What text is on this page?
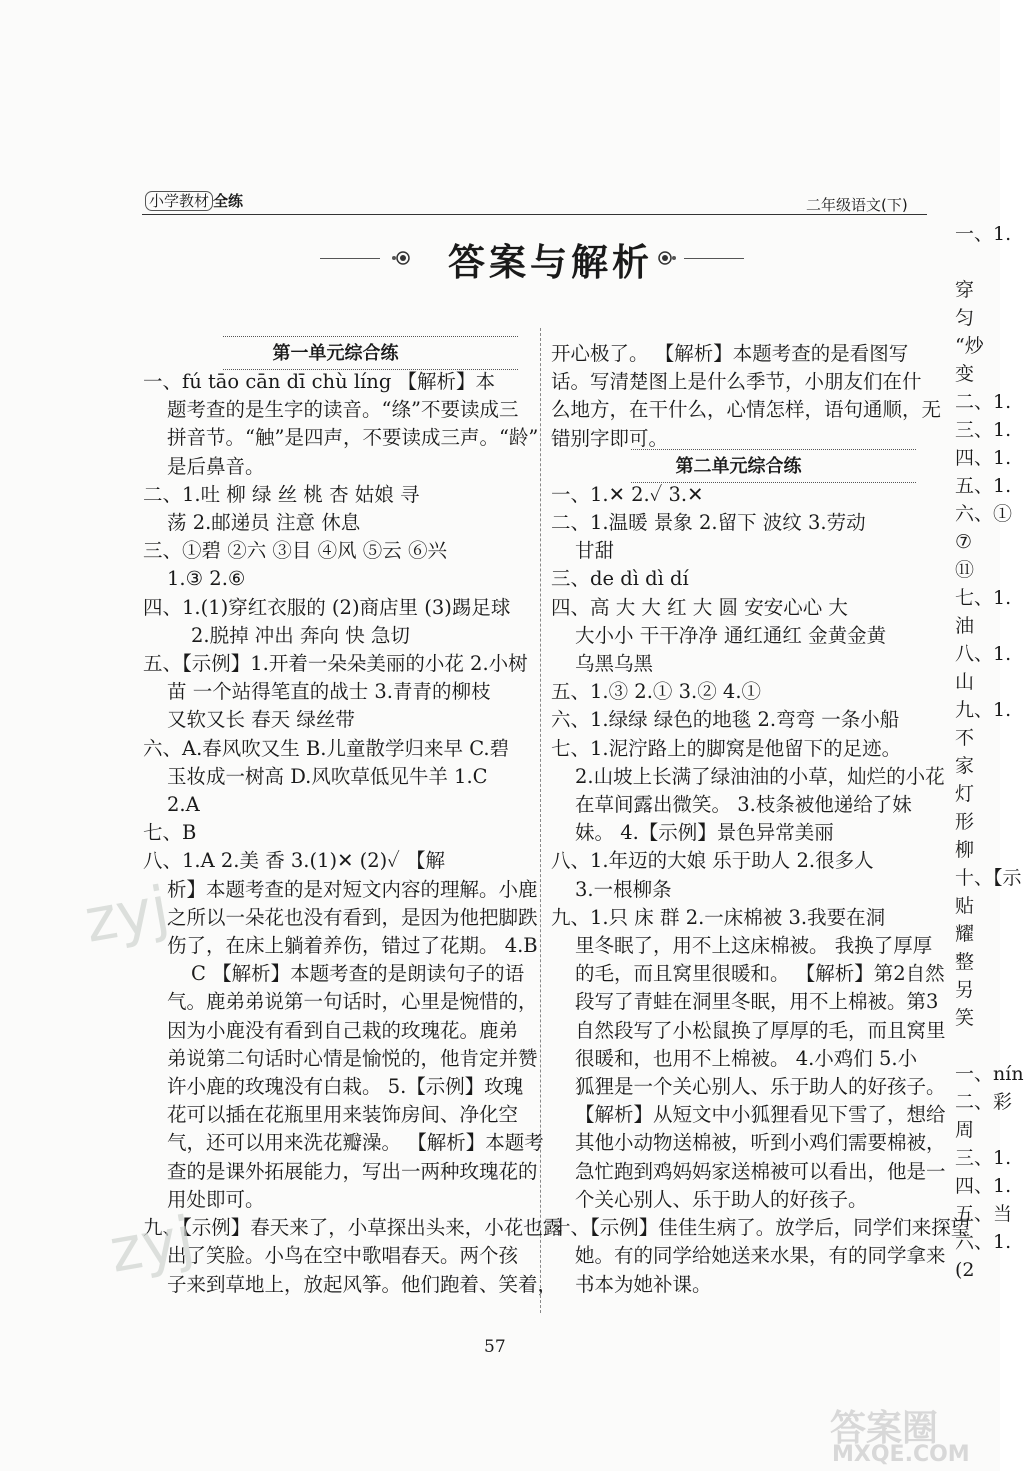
小学教材 全练	二年级语文(下)
答案与解析
第一单元综合练
一、fú tāo cān dī chù líng 【解析】本
题考查的是生字的读音。“绦”不要读成三
拼音节。“触”是四声，不要读成三声。“龄”
是后鼻音。
二、1.吐 柳 绿 丝 桃 杏 姑娘 寻
荡 2.邮递员 注意 休息
三、①碧 ②六 ③目 ④风 ⑤云 ⑥兴
1.③ 2.⑥
四、1.(1)穿红衣服的 (2)商店里 (3)踢足球
2.脱掉 冲出 奔向 快 急切
五、【示例】1.开着一朵朵美丽的小花 2.小树
苗 一个站得笔直的战士 3.青青的柳枝
又软又长 春天 绿丝带
六、A.春风吹又生 B.儿童散学归来早 C.碧
玉妆成一树高 D.风吹草低见牛羊 1.C
2.A
七、B
八、1.A 2.美 香 3.(1)✕ (2)✓ 【解
析】本题考查的是对短文内容的理解。小鹿
之所以一朵花也没有看到，是因为他把脚跌
伤了，在床上躺着养伤，错过了花期。 4.B
C 【解析】本题考查的是朗读句子的语
气。鹿弟弟说第一句话时，心里是惋惜的，
因为小鹿没有看到自己栽的玫瑰花。鹿弟
弟说第二句话时心情是愉悦的，他肯定并赞
许小鹿的玫瑰没有白栽。 5.【示例】玫瑰
花可以插在花瓶里用来装饰房间、净化空
气，还可以用来洗花瓣澡。 【解析】本题考
查的是课外拓展能力，写出一两种玫瑰花的
用处即可。
九、【示例】春天来了，小草探出头来，小花也露
出了笑脸。小鸟在空中歌唱春天。两个孩
子来到草地上，放起风筝。他们跑着、笑着，
开心极了。 【解析】本题考查的是看图写
话。写清楚图上是什么季节，小朋友们在什
么地方，在干什么，心情怎样，语句通顺，无
错别字即可。
第二单元综合练
一、1.✕ 2.✓ 3.✕
二、1.温暖 景象 2.留下 波纹 3.劳动
甘甜
三、de dì dì dí
四、高 大 大 红 大 圆 安安心心 大
大小小 干干净净 通红通红 金黄金黄
乌黑乌黑
五、1.③ 2.① 3.② 4.①
六、1.绿绿 绿色的地毯 2.弯弯 一条小船
七、1.泥泞路上的脚窝是他留下的足迹。
2.山坡上长满了绿油油的小草，灿烂的小花
在草间露出微笑。 3.枝条被他递给了妹
妹。 4.【示例】景色异常美丽
八、1.年迈的大娘 乐于助人 2.很多人
3.一根柳条
九、1.只 床 群 2.一床棉被 3.我要在洞
里冬眠了，用不上这床棉被。 我换了厚厚
的毛，而且窝里很暖和。 【解析】第2自然
段写了青蛙在洞里冬眠，用不上棉被。第3
自然段写了小松鼠换了厚厚的毛，而且窝里
很暖和，也用不上棉被。 4.小鸡们 5.小
狐狸是一个关心别人、乐于助人的好孩子。
【解析】从短文中小狐狸看见下雪了，想给
其他小动物送棉被，听到小鸡们需要棉被，
急忙跑到鸡妈妈家送棉被可以看出，他是一
个关心别人、乐于助人的好孩子。
十、【示例】佳佳生病了。放学后，同学们来探望
她。有的同学给她送来水果，有的同学拿来
书本为她补课。
一、1.

穿
匀
“炒
变
二、1.
三、1.
四、1.
五、1.
六、①
⑦
⑪
七、1.
油
八、1.
山
九、1.
不
家
灯
形
柳
十、【示
贴
耀
整
另
笑

一、nín
二、彩
周
三、1.
四、1.
五、当
六、1.
(2
57
zyj
zyj
答案圈
MXQE.COM
